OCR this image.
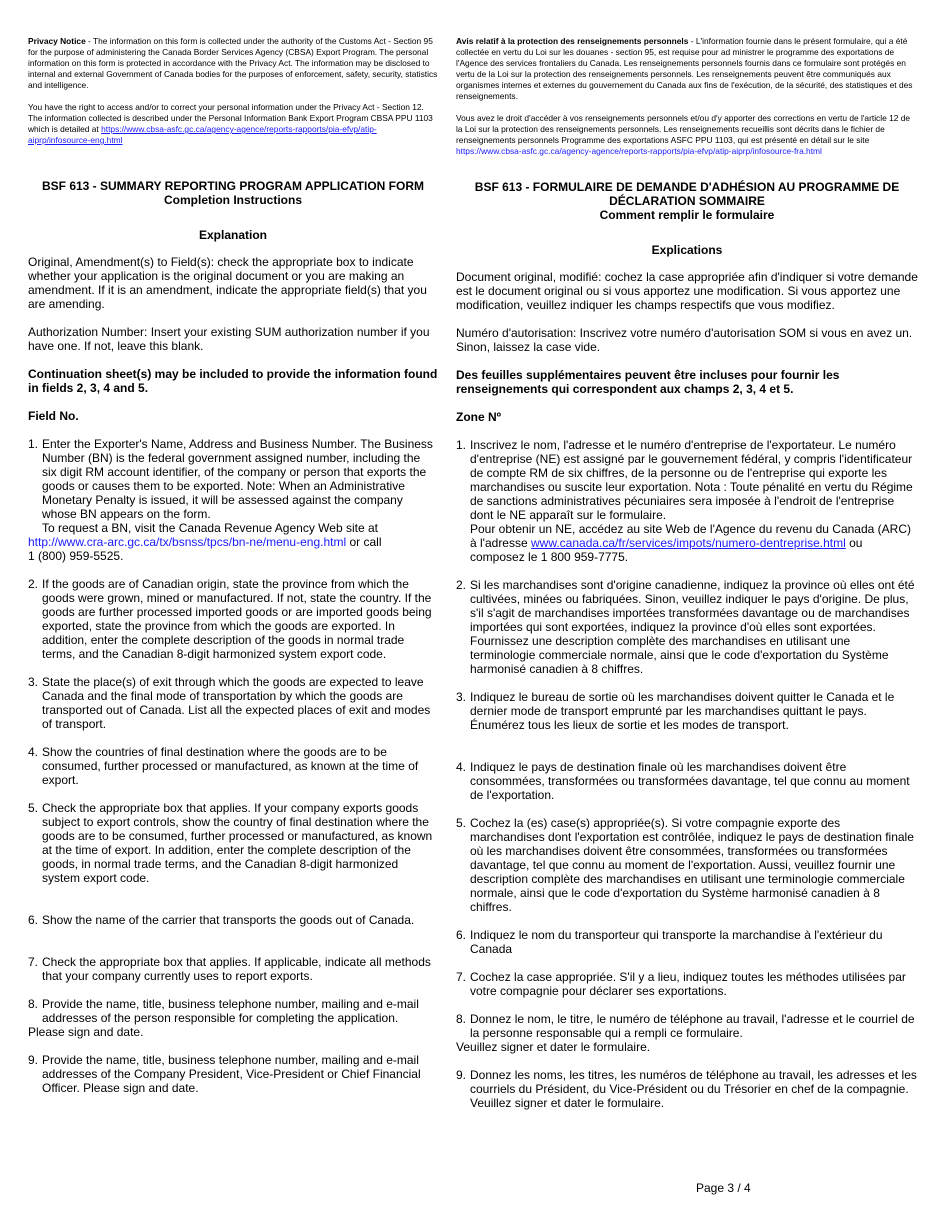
Privacy Notice - The information on this form is collected under the authority of the Customs Act - Section 95 for the purpose of administering the Canada Border Services Agency (CBSA) Export Program. The personal information on this form is protected in accordance with the Privacy Act. The information may be disclosed to internal and external Government of Canada bodies for the purposes of enforcement, safety, security, statistics and intelligence.

You have the right to access and/or to correct your personal information under the Privacy Act - Section 12. The information collected is described under the Personal Information Bank Export Program CBSA PPU 1103 which is detailed at https://www.cbsa-asfc.gc.ca/agency-agence/reports-rapports/pia-efvp/atip-aiprp/infosource-eng.html

BSF 613 - SUMMARY REPORTING PROGRAM APPLICATION FORM
Completion Instructions

Explanation

Original, Amendment(s) to Field(s): check the appropriate box to indicate whether your application is the original document or you are making an amendment. If it is an amendment, indicate the appropriate field(s) that you are amending.

Authorization Number: Insert your existing SUM authorization number if you have one. If not, leave this blank.

Continuation sheet(s) may be included to provide the information found in fields 2, 3, 4 and 5.

Field No.

1. Enter the Exporter's Name, Address and Business Number. The Business Number (BN) is the federal government assigned number, including the six digit RM account identifier, of the company or person that exports the goods or causes them to be exported. Note: When an Administrative Monetary Penalty is issued, it will be assessed against the company whose BN appears on the form.
To request a BN, visit the Canada Revenue Agency Web site at

http://www.cra-arc.gc.ca/tx/bsnss/tpcs/bn-ne/menu-eng.html or call
1 (800) 959-5525.
2. If the goods are of Canadian origin, state the province from which the goods were grown, mined or manufactured. If not, state the country. If the goods are further processed imported goods or are imported goods being exported, state the province from which the goods are exported. In addition, enter the complete description of the goods in normal trade terms, and the Canadian 8-digit harmonized system export code.
3. State the place(s) of exit through which the goods are expected to leave Canada and the final mode of transportation by which the goods are transported out of Canada. List all the expected places of exit and modes of transport.
4. Show the countries of final destination where the goods are to be consumed, further processed or manufactured, as known at the time of export.
5. Check the appropriate box that applies. If your company exports goods subject to export controls, show the country of final destination where the goods are to be consumed, further processed or manufactured, as known at the time of export. In addition, enter the complete description of the goods, in normal trade terms, and the Canadian 8-digit harmonized system export code.
6. Show the name of the carrier that transports the goods out of Canada.
7. Check the appropriate box that applies. If applicable, indicate all methods that your company currently uses to report exports.
8. Provide the name, title, business telephone number, mailing and e-mail addresses of the person responsible for completing the application.

Please sign and date.
9. Provide the name, title, business telephone number, mailing and e-mail addresses of the Company President, Vice-President or Chief Financial Officer. Please sign and date.

Avis relatif à la protection des renseignements personnels - L'information fournie dans le présent formulaire, qui a été collectée en vertu du Loi sur les douanes - section 95, est requise pour ad ministrer le programme des exportations de l'Agence des services frontaliers du Canada. Les renseignements personnels fournis dans ce formulaire sont protégés en vertu de la Loi sur la protection des renseignements personnels. Les renseignements peuvent être communiqués aux organismes internes et externes du gouvernement du Canada aux fins de l'exécution, de la sécurité, des statistiques et des renseignements.

Vous avez le droit d'accéder à vos renseignements personnels et/ou d'y apporter des corrections en vertu de l'article 12 de la Loi sur la protection des renseignements personnels. Les renseignements recueillis sont décrits dans le fichier de renseignements personnels Programme des exportations ASFC PPU 1103, qui est présenté en détail sur le site https://www.cbsa-asfc.gc.ca/agency-agence/reports-rapports/pia-efvp/atip-aiprp/infosource-fra.html

BSF 613 - FORMULAIRE DE DEMANDE D'ADHÉSION AU PROGRAMME DE DÉCLARATION SOMMAIRE
Comment remplir le formulaire

Explications

Document original, modifié: cochez la case appropriée afin d'indiquer si votre demande est le document original ou si vous apportez une modification. Si vous apportez une modification, veuillez indiquer les champs respectifs que vous modifiez.

Numéro d'autorisation: Inscrivez votre numéro d'autorisation SOM si vous en avez un. Sinon, laissez la case vide.

Des feuilles supplémentaires peuvent être incluses pour fournir les renseignements qui correspondent aux champs 2, 3, 4 et 5.

Zone Nº

1. Inscrivez le nom, l'adresse et le numéro d'entreprise de l'exportateur. Le numéro d'entreprise (NE) est assigné par le gouvernement fédéral, y compris l'identificateur de compte RM de six chiffres, de la personne ou de l'entreprise qui exporte les marchandises ou suscite leur exportation. Nota : Toute pénalité en vertu du Régime de sanctions administratives pécuniaires sera imposée à l'endroit de l'entreprise dont le NE apparaît sur le formulaire.
Pour obtenir un NE, accédez au site Web de l'Agence du revenu du Canada (ARC) à l'adresse www.canada.ca/fr/services/impots/numero-dentreprise.html ou composez le 1 800 959-7775.
2. Si les marchandises sont d'origine canadienne, indiquez la province où elles ont été cultivées, minées ou fabriquées. Sinon, veuillez indiquer le pays d'origine. De plus, s'il s'agit de marchandises importées transformées davantage ou de marchandises importées qui sont exportées, indiquez la province d'où elles sont exportées. Fournissez une description complète des marchandises en utilisant une terminologie commerciale normale, ainsi que le code d'exportation du Système harmonisé canadien à 8 chiffres.
3. Indiquez le bureau de sortie où les marchandises doivent quitter le Canada et le dernier mode de transport emprunté par les marchandises quittant le pays. Énumérez tous les lieux de sortie et les modes de transport.
4. Indiquez le pays de destination finale où les marchandises doivent être consommées, transformées ou transformées davantage, tel que connu au moment de l'exportation.
5. Cochez la (es) case(s) appropriée(s). Si votre compagnie exporte des marchandises dont l'exportation est contrôlée, indiquez le pays de destination finale où les marchandises doivent être consommées, transformées ou transformées davantage, tel que connu au moment de l'exportation. Aussi, veuillez fournir une description complète des marchandises en utilisant une terminologie commerciale normale, ainsi que le code d'exportation du Système harmonisé canadien à 8 chiffres.
6. Indiquez le nom du transporteur qui transporte la marchandise à l'extérieur du Canada
7. Cochez la case appropriée. S'il y a lieu, indiquez toutes les méthodes utilisées par votre compagnie pour déclarer ses exportations.
8. Donnez le nom, le titre, le numéro de téléphone au travail, l'adresse et le courriel de la personne responsable qui a rempli ce formulaire.

Veuillez signer et dater le formulaire.
9. Donnez les noms, les titres, les numéros de téléphone au travail, les adresses et les courriels du Président, du Vice-Président ou du Trésorier en chef de la compagnie. Veuillez signer et dater le formulaire.
Page 3 / 4
